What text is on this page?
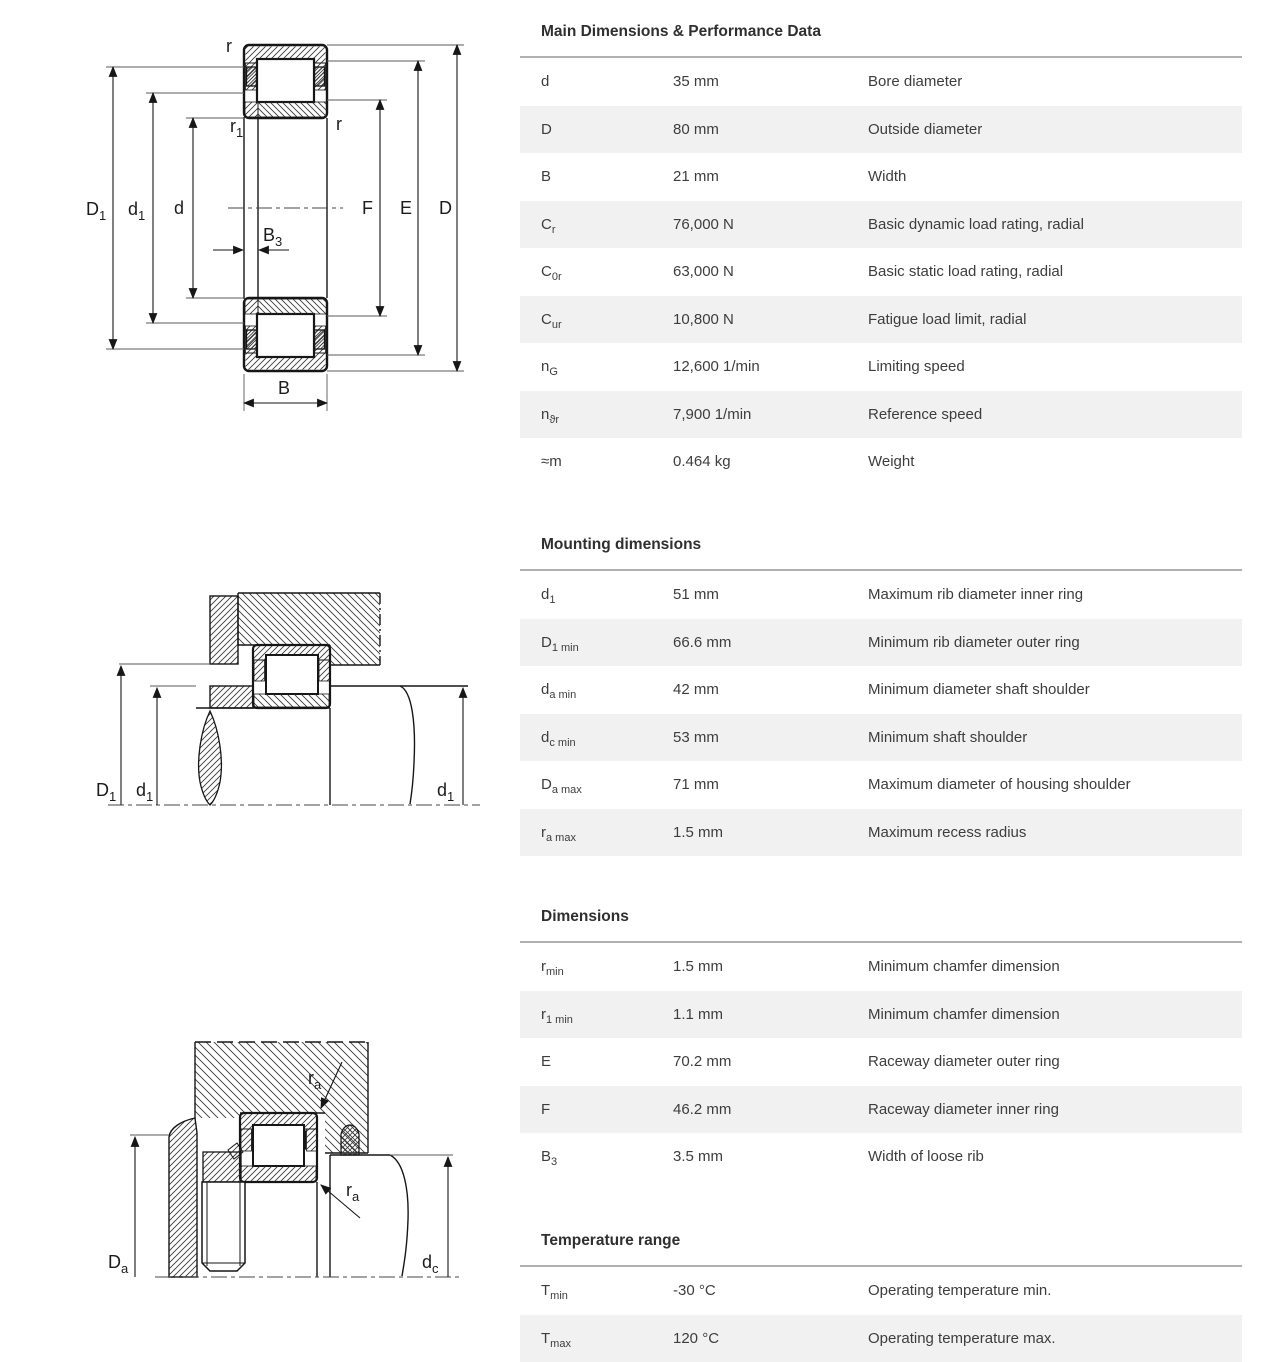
r
$r_1$	r
$D_1$ $d_1$ d
$B_3$
F E D
B
$D_1$ $d_1$	$d_1$
$r_a$
$r_a$
$D_a$	$d_c$
Main Dimensions & Performance Data
d	35 mm	Bore diameter
D	80 mm	Outside diameter
B	21 mm	Width
$C_r$	76,000 N	Basic dynamic load rating, radial
$C_{0r}$	63,000 N	Basic static load rating, radial
$C_{ur}$	10,800 N	Fatigue load limit, radial
$n_G$	12,600 1/min	Limiting speed
$n_{ϑr}$	7,900 1/min	Reference speed
≈m	0.464 kg	Weight
Mounting dimensions
$d_1$	51 mm	Maximum rib diameter inner ring
$D_{1 min}$	66.6 mm	Minimum rib diameter outer ring
$d_{a min}$	42 mm	Minimum diameter shaft shoulder
$d_{c min}$	53 mm	Minimum shaft shoulder
$D_{a max}$	71 mm	Maximum diameter of housing shoulder
$r_{a max}$	1.5 mm	Maximum recess radius
Dimensions
$r_{min}$	1.5 mm	Minimum chamfer dimension
$r_{1 min}$	1.1 mm	Minimum chamfer dimension
E	70.2 mm	Raceway diameter outer ring
F	46.2 mm	Raceway diameter inner ring
$B_3$	3.5 mm	Width of loose rib
Temperature range
$T_{min}$	-30 °C	Operating temperature min.
$T_{max}$	120 °C	Operating temperature max.
